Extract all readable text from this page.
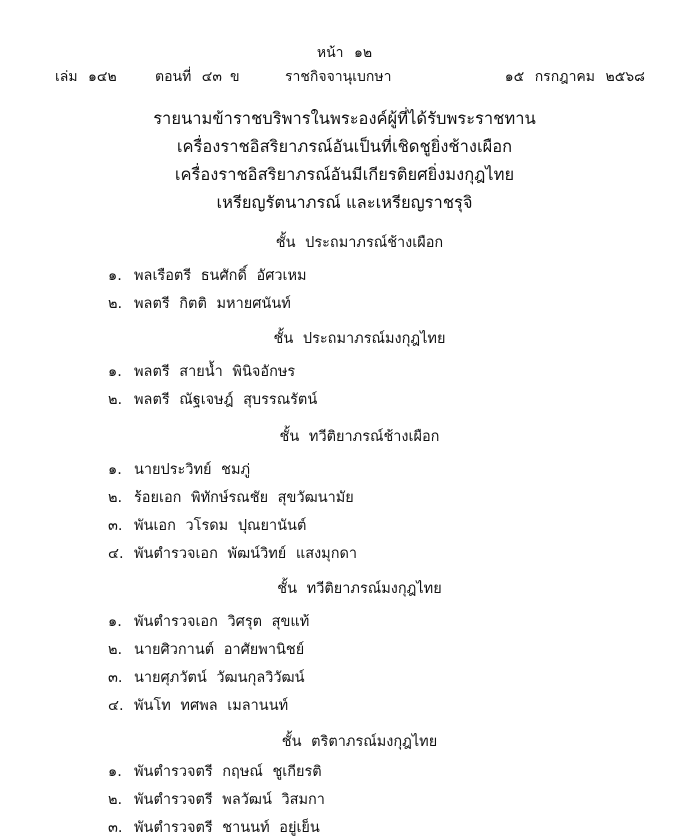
หน้า ๑๒
เล่ม ๑๔๒	ตอนที่ ๔๓ ข	ราชกิจจานุเบกษา	๑๕ กรกฎาคม ๒๕๖๘
รายนามข้าราชบริพารในพระองค์ผู้ที่ได้รับพระราชทาน
เครื่องราชอิสริยาภรณ์อันเป็นที่เชิดชูยิ่งช้างเผือก
เครื่องราชอิสริยาภรณ์อันมีเกียรติยศยิ่งมงกุฎไทย
เหรียญรัตนาภรณ์ และเหรียญราชรุจิ
ชั้น ประถมาภรณ์ช้างเผือก
๑. พลเรือตรี ธนศักดิ์ อัศวเหม
๒. พลตรี กิตติ มหายศนันท์
ชั้น ประถมาภรณ์มงกุฎไทย
๑. พลตรี สายน้ำ พินิจอักษร
๒. พลตรี ณัฐเจษฎ์ สุบรรณรัตน์
ชั้น ทวีติยาภรณ์ช้างเผือก
๑. นายประวิทย์ ชมภู่
๒. ร้อยเอก พิทักษ์รณชัย สุขวัฒนามัย
๓. พันเอก วโรดม ปุณยานันต์
๔. พันตำรวจเอก พัฒน์วิทย์ แสงมุกดา
ชั้น ทวีติยาภรณ์มงกุฎไทย
๑. พันตำรวจเอก วิศรุต สุขแท้
๒. นายศิวกานต์ อาศัยพานิชย์
๓. นายศุภวัตน์ วัฒนกุลวิวัฒน์
๔. พันโท ทศพล เมลานนท์
ชั้น ตริตาภรณ์มงกุฎไทย
๑. พันตำรวจตรี กฤษณ์ ชูเกียรติ
๒. พันตำรวจตรี พลวัฒน์ วิสมกา
๓. พันตำรวจตรี ชานนท์ อยู่เย็น
